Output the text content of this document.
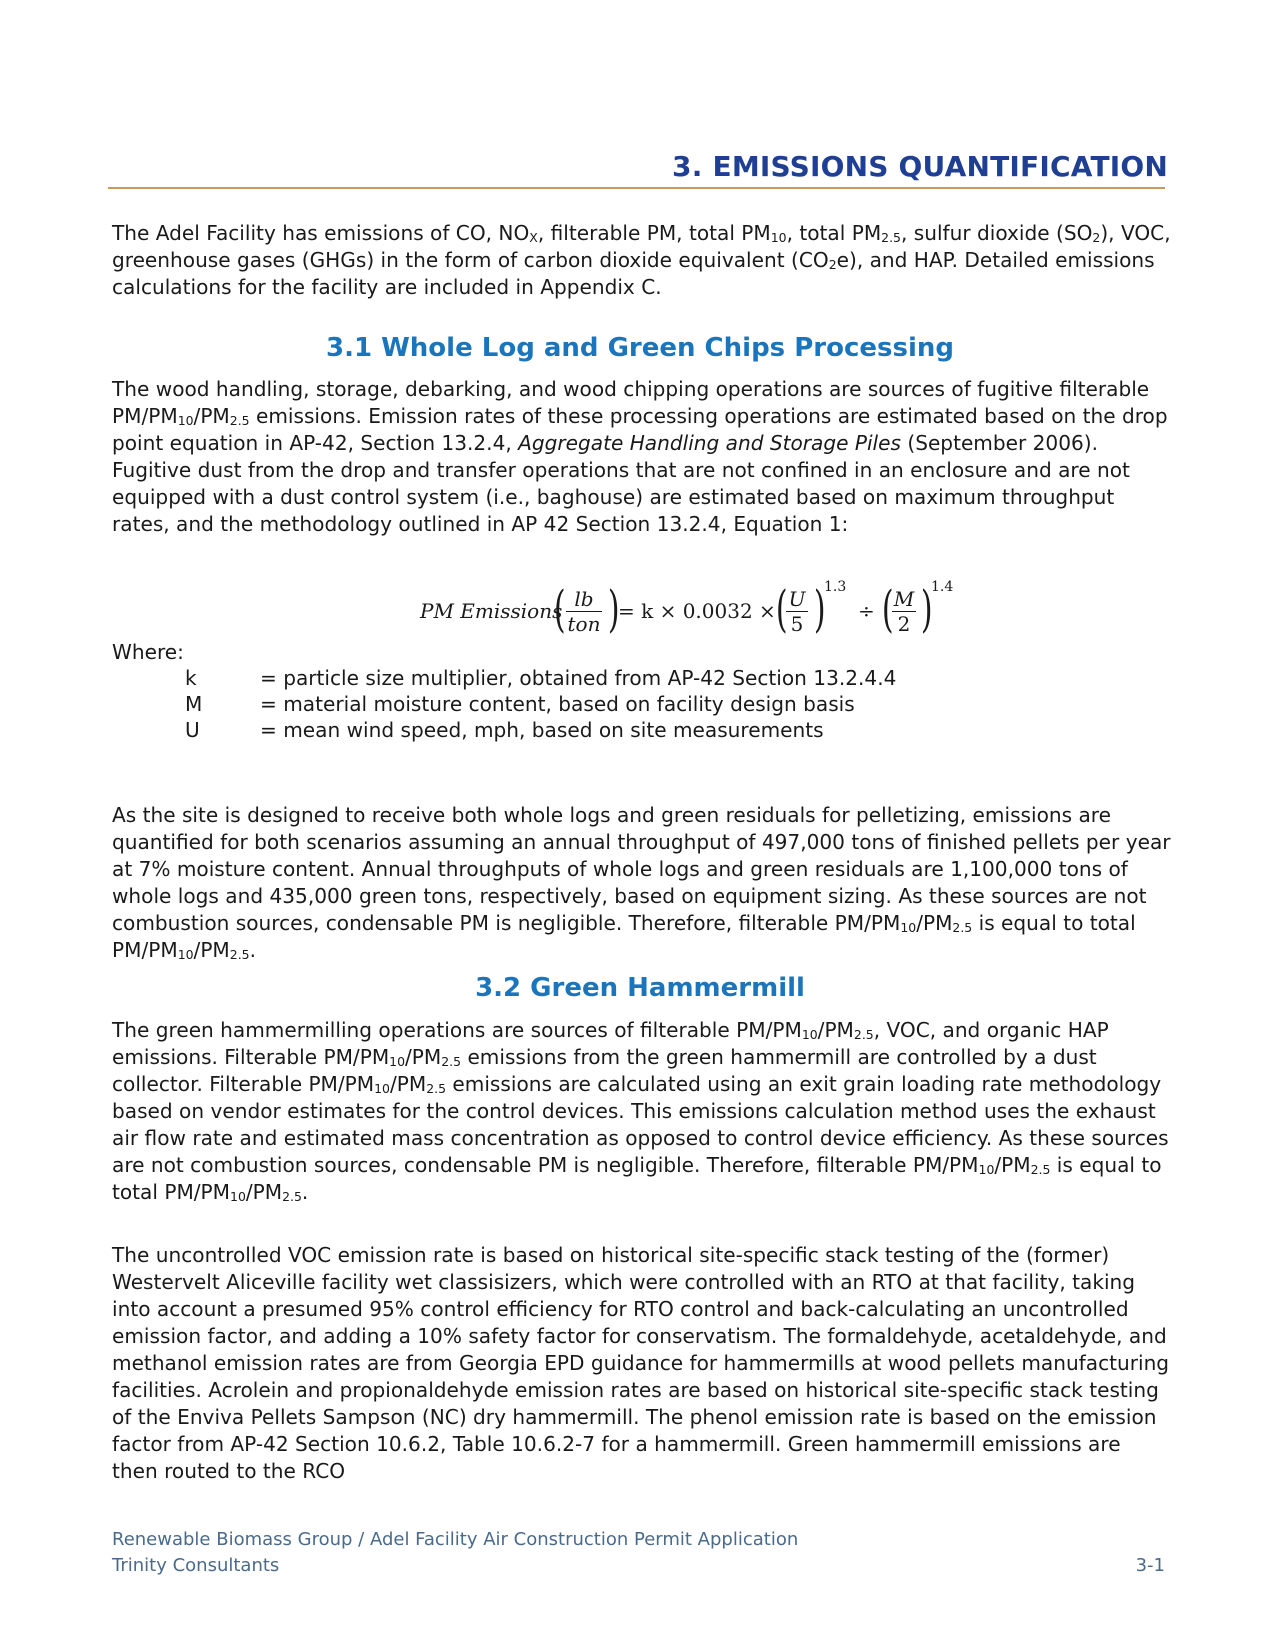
3. EMISSIONS QUANTIFICATION

The Adel Facility has emissions of CO, $NO_X$, filterable PM, total $PM_{10}$, total $PM_{2.5}$, sulfur dioxide $(SO_2)$, VOC, greenhouse gases (GHGs) in the form of carbon dioxide equivalent $(CO_2e)$, and HAP. Detailed emissions calculations for the facility are included in Appendix C.

3.1 Whole Log and Green Chips Processing

The wood handling, storage, debarking, and wood chipping operations are sources of fugitive filterable $PM/PM_{10}/PM_{2.5}$ emissions. Emission rates of these processing operations are estimated based on the drop point equation in AP-42, Section 13.2.4, Aggregate Handling and Storage Piles (September 2006). Fugitive dust from the drop and transfer operations that are not confined in an enclosure and are not equipped with a dust control system (i.e., baghouse) are estimated based on maximum throughput rates, and the methodology outlined in AP 42 Section 13.2.4, Equation 1:

PM Emissions
( lb
ton )
= k × 0.0032 × (
$\frac{U}{5}$ )
1.3
÷ (
$\frac{M}{2}$ )
1.4
Where:
k	= particle size multiplier, obtained from AP-42 Section 13.2.4.4
M	= material moisture content, based on facility design basis
U	= mean wind speed, mph, based on site measurements

As the site is designed to receive both whole logs and green residuals for pelletizing, emissions are quantified for both scenarios assuming an annual throughput of 497,000 tons of finished pellets per year at 7% moisture content. Annual throughputs of whole logs and green residuals are 1,100,000 tons of whole logs and 435,000 green tons, respectively, based on equipment sizing. As these sources are not combustion sources, condensable PM is negligible. Therefore, filterable $PM/PM_{10}/PM_{2.5}$ is equal to total $PM/PM_{10}/PM_{2.5}$.

3.2 Green Hammermill

The green hammermilling operations are sources of filterable $PM/PM_{10}/PM_{2.5}$, VOC, and organic HAP emissions. Filterable $PM/PM_{10}/PM_{2.5}$ emissions from the green hammermill are controlled by a dust collector. Filterable $PM/PM_{10}/PM_{2.5}$ emissions are calculated using an exit grain loading rate methodology based on vendor estimates for the control devices. This emissions calculation method uses the exhaust air flow rate and estimated mass concentration as opposed to control device efficiency. As these sources are not combustion sources, condensable PM is negligible. Therefore, filterable $PM/PM_{10}/PM_{2.5}$ is equal to total $PM/PM_{10}/PM_{2.5}$.

The uncontrolled VOC emission rate is based on historical site-specific stack testing of the (former) Westervelt Aliceville facility wet classisizers, which were controlled with an RTO at that facility, taking into account a presumed 95% control efficiency for RTO control and back-calculating an uncontrolled emission factor, and adding a 10% safety factor for conservatism. The formaldehyde, acetaldehyde, and methanol emission rates are from Georgia EPD guidance for hammermills at wood pellets manufacturing facilities. Acrolein and propionaldehyde emission rates are based on historical site-specific stack testing of the Enviva Pellets Sampson (NC) dry hammermill. The phenol emission rate is based on the emission factor from AP-42 Section 10.6.2, Table 10.6.2-7 for a hammermill. Green hammermill emissions are then routed to the RCO

Renewable Biomass Group / Adel Facility Air Construction Permit Application
Trinity Consultants	3-1
